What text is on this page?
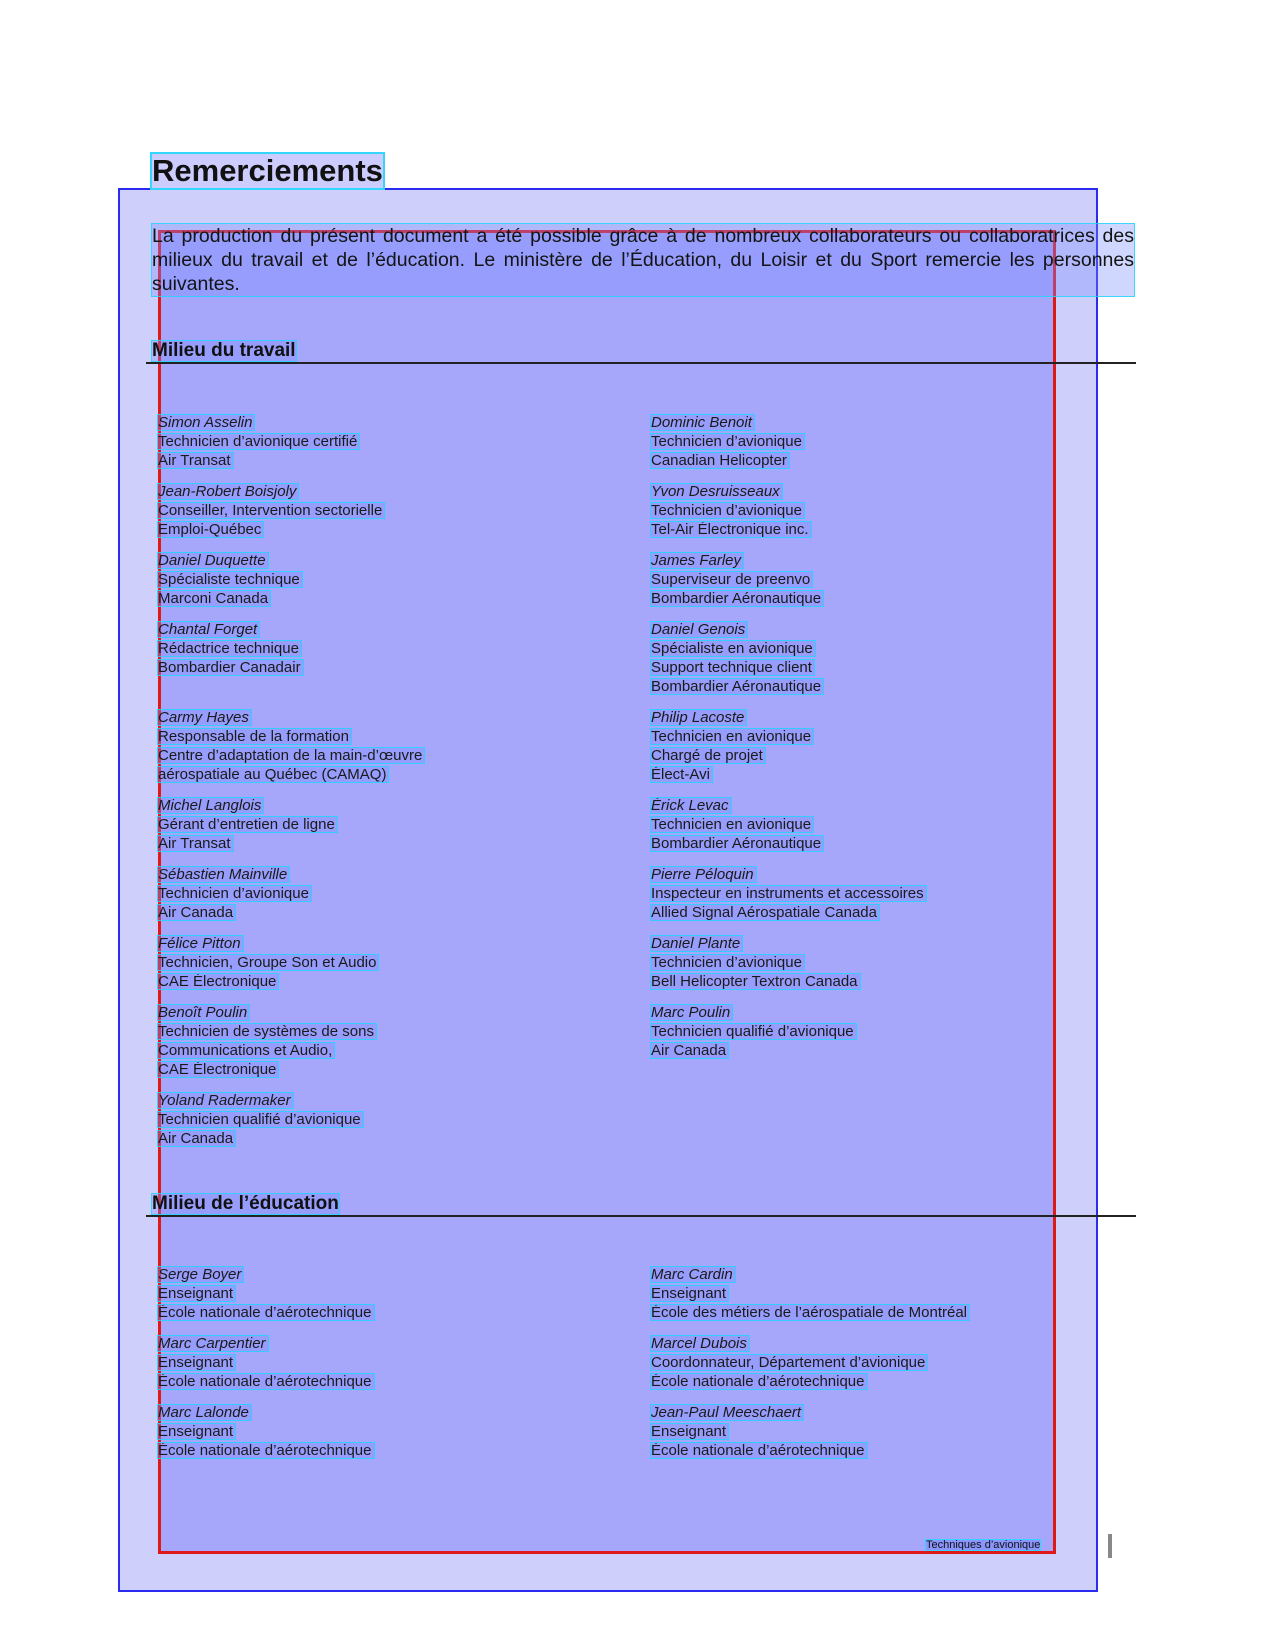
Remerciements

La production du présent document a été possible grâce à de nombreux collaborateurs ou collaboratrices des milieux du travail et de l’éducation. Le ministère de l’Éducation, du Loisir et du Sport remercie les personnes suivantes.

Milieu du travail
Simon Asselin
Technicien d’avionique certifié
Air Transat
Jean-Robert Boisjoly
Conseiller, Intervention sectorielle
Emploi-Québec
Daniel Duquette
Spécialiste technique
Marconi Canada
Chantal Forget
Rédactrice technique
Bombardier Canadair
Carmy Hayes
Responsable de la formation
Centre d’adaptation de la main-d’œuvre
aérospatiale au Québec (CAMAQ)
Michel Langlois
Gérant d’entretien de ligne
Air Transat
Sébastien Mainville
Technicien d’avionique
Air Canada
Félice Pitton
Technicien, Groupe Son et Audio
CAE Électronique
Benoît Poulin
Technicien de systèmes de sons
Communications et Audio,
CAE Électronique
Yoland Radermaker
Technicien qualifié d’avionique
Air Canada
Dominic Benoit
Technicien d’avionique
Canadian Helicopter
Yvon Desruisseaux
Technicien d’avionique
Tel-Air Électronique inc.
James Farley
Superviseur de preenvo
Bombardier Aéronautique
Daniel Genois
Spécialiste en avionique
Support technique client
Bombardier Aéronautique
Philip Lacoste
Technicien en avionique
Chargé de projet
Élect-Avi
Érick Levac
Technicien en avionique
Bombardier Aéronautique
Pierre Péloquin
Inspecteur en instruments et accessoires
Allied Signal Aérospatiale Canada
Daniel Plante
Technicien d’avionique
Bell Helicopter Textron Canada
Marc Poulin
Technicien qualifié d’avionique
Air Canada
Milieu de l’éducation
Serge Boyer
Enseignant
École nationale d’aérotechnique
Marc Carpentier
Enseignant
École nationale d’aérotechnique
Marc Lalonde
Enseignant
École nationale d’aérotechnique
Marc Cardin
Enseignant
École des métiers de l’aérospatiale de Montréal
Marcel Dubois
Coordonnateur, Département d’avionique
École nationale d’aérotechnique
Jean-Paul Meeschaert
Enseignant
École nationale d’aérotechnique
Techniques d’avionique
